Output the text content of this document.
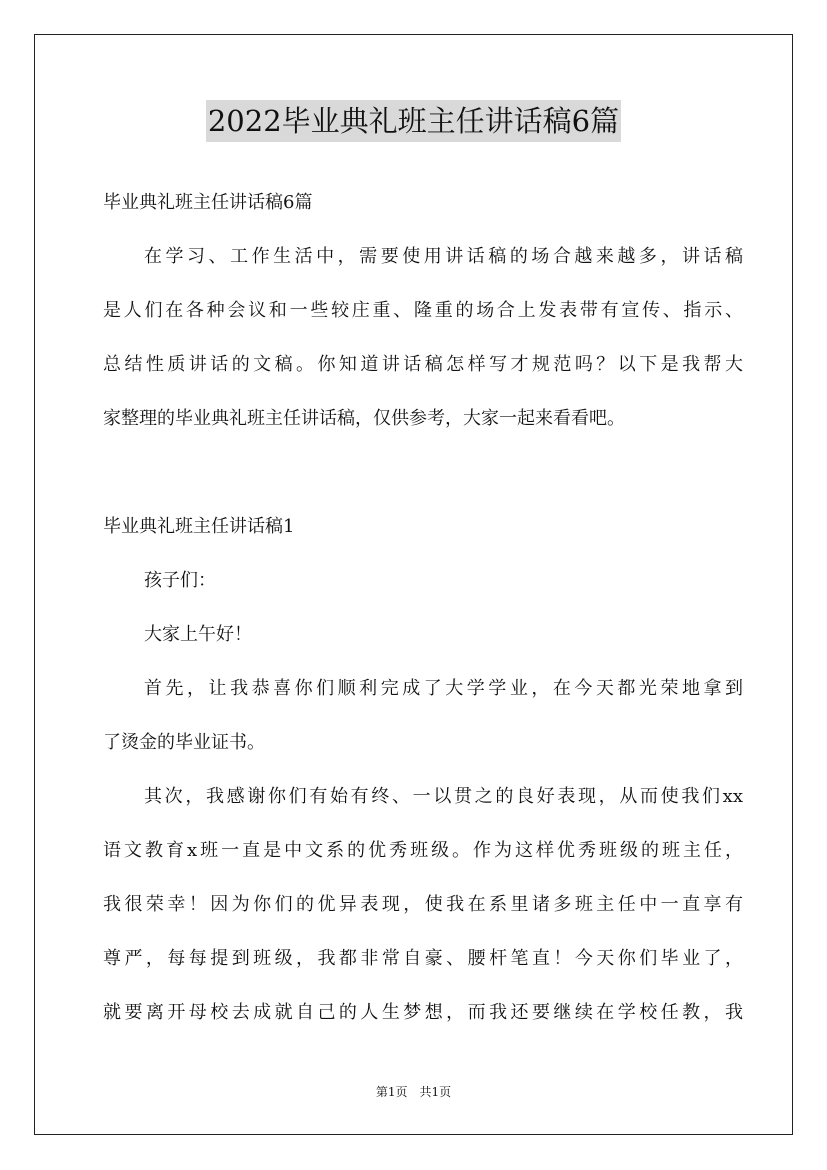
2022毕业典礼班主任讲话稿6篇
毕业典礼班主任讲话稿6篇
在学习、工作生活中，需要使用讲话稿的场合越来越多，讲话稿
是人们在各种会议和一些较庄重、隆重的场合上发表带有宣传、指示、
总结性质讲话的文稿。你知道讲话稿怎样写才规范吗？以下是我帮大
家整理的毕业典礼班主任讲话稿，仅供参考，大家一起来看看吧。
毕业典礼班主任讲话稿1
孩子们：
大家上午好！
首先，让我恭喜你们顺利完成了大学学业，在今天都光荣地拿到
了烫金的毕业证书。
其次，我感谢你们有始有终、一以贯之的良好表现，从而使我们xx
语文教育x班一直是中文系的优秀班级。作为这样优秀班级的班主任，
我很荣幸！因为你们的优异表现，使我在系里诸多班主任中一直享有
尊严，每每提到班级，我都非常自豪、腰杆笔直！今天你们毕业了，
就要离开母校去成就自己的人生梦想，而我还要继续在学校任教，我
第1页　共1页
